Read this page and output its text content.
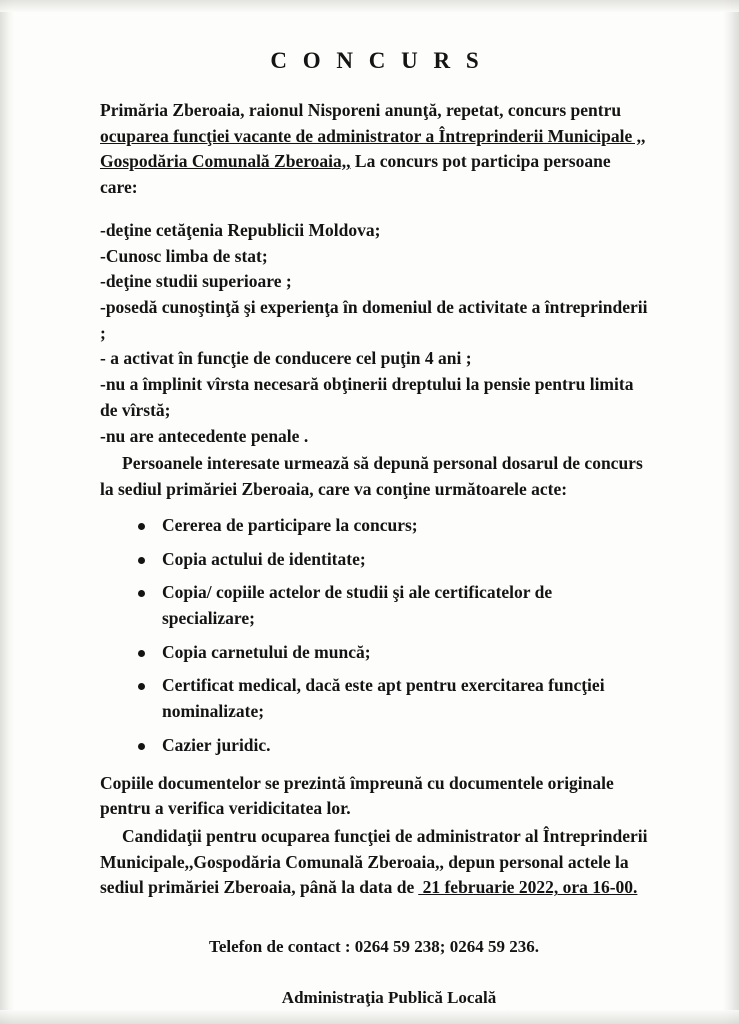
C O N C U R S

Primăria Zberoaia, raionul Nisporeni anunţă, repetat, concurs pentru ocuparea funcţiei vacante de administrator a Întreprinderii Municipale ,, Gospodăria Comunală Zberoaia,, La concurs pot participa persoane care:

-deţine cetăţenia Republicii Moldova;
-Cunosc limba de stat;
-deţine studii superioare ;
-posedă cunoştinţă şi experienţa în domeniul de activitate a întreprinderii ;
- a activat în funcţie de conducere cel puţin 4 ani ;
-nu a împlinit vîrsta necesară obţinerii dreptului la pensie pentru limita de vîrstă;
-nu are antecedente penale .

Persoanele interesate urmează să depună personal dosarul de concurs la sediul primăriei Zberoaia, care va conţine următoarele acte:

Cererea de participare la concurs;
Copia actului de identitate;
Copia/ copiile actelor de studii şi ale certificatelor de specializare;
Copia carnetului de muncă;
Certificat medical, dacă este apt pentru exercitarea funcţiei nominalizate;
Cazier juridic.

Copiile documentelor se prezintă împreună cu documentele originale pentru a verifica veridicitatea lor.

Candidaţii pentru ocuparea funcţiei de administrator al Întreprinderii Municipale,,Gospodăria Comunală Zberoaia,, depun personal actele la sediul primăriei Zberoaia, până la data de 21 februarie 2022, ora 16-00.

Telefon de contact : 0264 59 238; 0264 59 236.

Administraţia Publică Locală
